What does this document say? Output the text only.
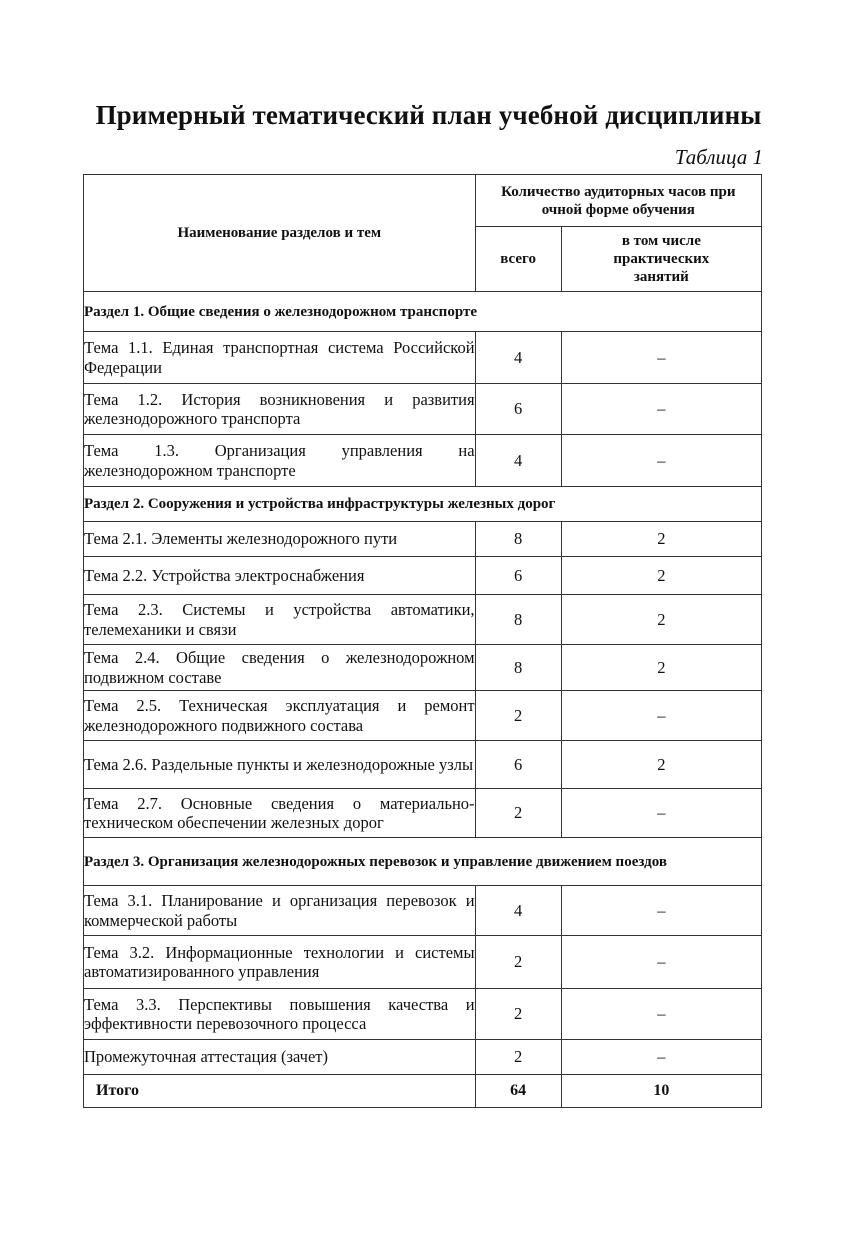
Примерный тематический план учебной дисциплины
Таблица 1
Наименование разделов и тем	Количество аудиторных часов при очной форме обучения	
	всего	в том числе практических занятий
Раздел 1. Общие сведения о железнодорожном транспорте		
Тема 1.1. Единая транспортная система Российской Федерации	4	–
Тема 1.2. История возникновения и развития железнодорожного транспорта	6	–
Тема 1.3. Организация управления на железнодорожном транспорте	4	–
Раздел 2. Сооружения и устройства инфраструктуры железных дорог		
Тема 2.1. Элементы железнодорожного пути	8	2
Тема 2.2. Устройства электроснабжения	6	2
Тема 2.3. Системы и устройства автоматики, телемеханики и связи	8	2
Тема 2.4. Общие сведения о железнодорожном подвижном составе	8	2
Тема 2.5. Техническая эксплуатация и ремонт железнодорожного подвижного состава	2	–
Тема 2.6. Раздельные пункты и железнодорожные узлы	6	2
Тема 2.7. Основные сведения о материально-техническом обеспечении железных дорог	2	–
Раздел 3. Организация железнодорожных перевозок и управление движением поездов		
Тема 3.1. Планирование и организация перевозок и коммерческой работы	4	–
Тема 3.2. Информационные технологии и системы автоматизированного управления	2	–
Тема 3.3. Перспективы повышения качества и эффективности перевозочного процесса	2	–
Промежуточная аттестация (зачет)	2	–
Итого	64	10
